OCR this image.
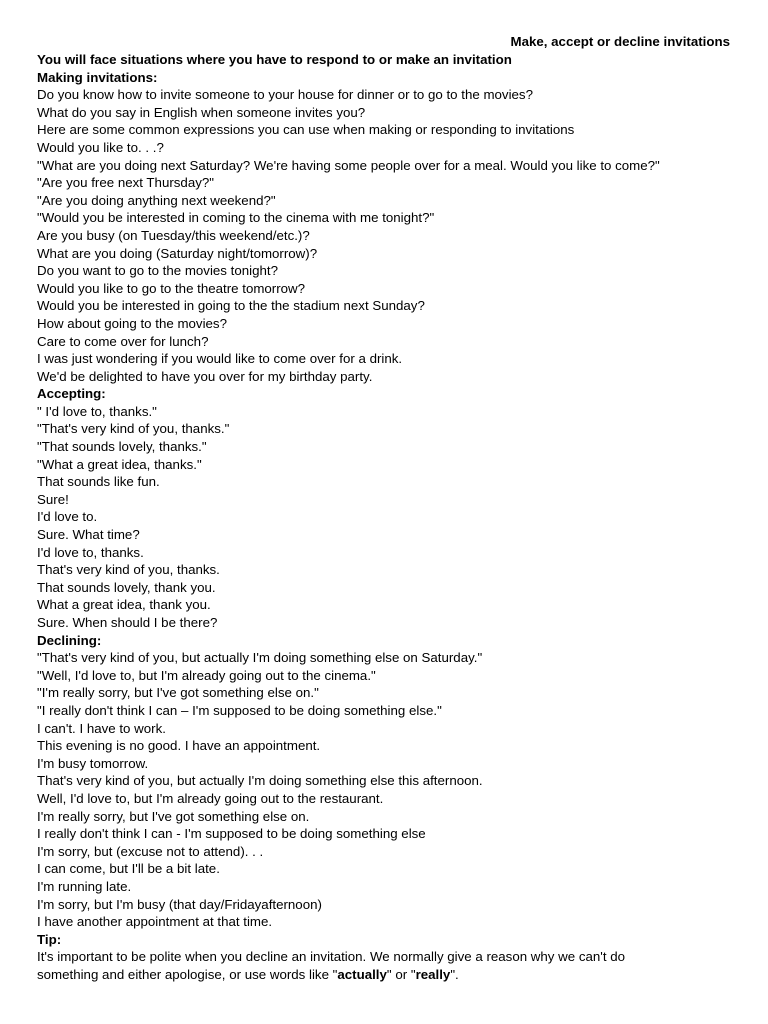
Make, accept or decline invitations
You will face situations where you have to respond to or make an invitation
Making invitations:
Do you know how to invite someone to your house for dinner or to go to the movies?
What do you say in English when someone invites you?
Here are some common expressions you can use when making or responding to invitations
Would you like to. . .?
"What are you doing next Saturday? We're having some people over for a meal. Would you like to come?"
"Are you free next Thursday?"
"Are you doing anything next weekend?"
"Would you be interested in coming to the cinema with me tonight?"
Are you busy (on Tuesday/this weekend/etc.)?
What are you doing (Saturday night/tomorrow)?
Do you want to go to the movies tonight?
Would you like to go to the theatre tomorrow?
Would you be interested in going to the the stadium next Sunday?
How about going to the movies?
Care to come over for lunch?
I was just wondering if you would like to come over for a drink.
We'd be delighted to have you over for my birthday party.
Accepting:
" I'd love to, thanks."
"That's very kind of you, thanks."
"That sounds lovely, thanks."
"What a great idea, thanks."
That sounds like fun.
Sure!
I'd love to.
Sure. What time?
I'd love to, thanks.
That's very kind of you, thanks.
That sounds lovely, thank you.
What a great idea, thank you.
Sure. When should I be there?
Declining:
"That's very kind of you, but actually I'm doing something else on Saturday."
"Well, I'd love to, but I'm already going out to the cinema."
"I'm really sorry, but I've got something else on."
"I really don't think I can – I'm supposed to be doing something else."
I can't. I have to work.
This evening is no good. I have an appointment.
I'm busy tomorrow.
That's very kind of you, but actually I'm doing something else this afternoon.
Well, I'd love to, but I'm already going out to the restaurant.
I'm really sorry, but I've got something else on.
I really don't think I can - I'm supposed to be doing something else
I'm sorry, but (excuse not to attend). . .
I can come, but I'll be a bit late.
I'm running late.
I'm sorry, but I'm busy (that day/Fridayafternoon)
I have another appointment at that time.
Tip:
It's important to be polite when you decline an invitation. We normally give a reason why we can't do
something and either apologise, or use words like "actually" or "really".
